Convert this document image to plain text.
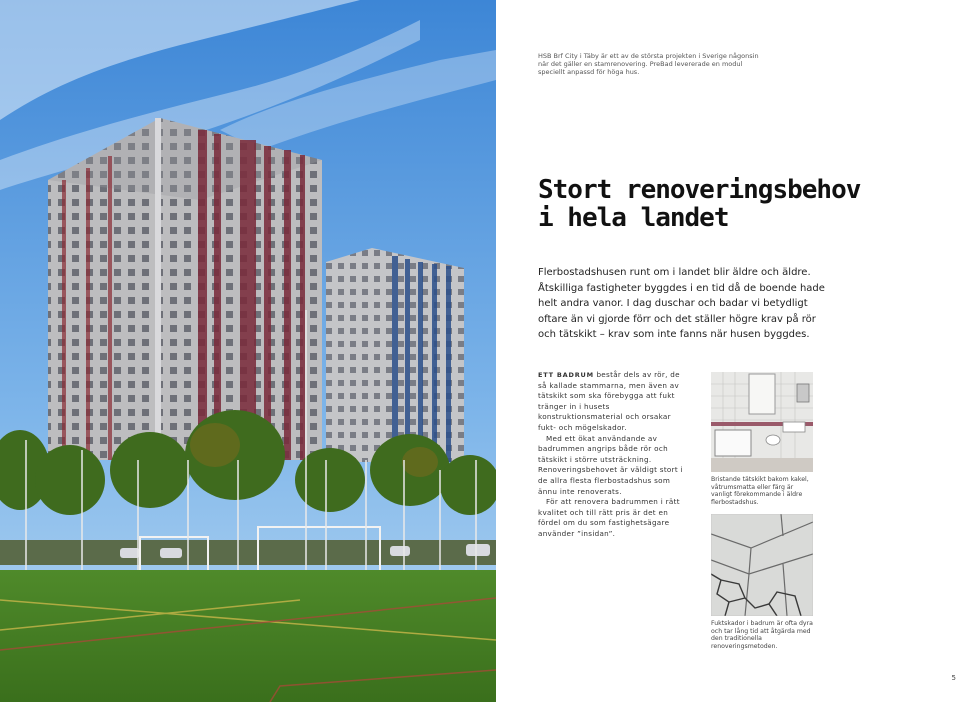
HSB Brf City i Täby är ett av de största projekten i Sverige någonsin när det gäller en stamrenovering. PreBad levererade en modul speciellt anpassd för höga hus.
Stort renoveringsbehov
i hela landet
Flerbostadshusen runt om i landet blir äldre och äldre. Åtskilliga fastigheter byggdes i en tid då de boende hade helt andra vanor. I dag duschar och badar vi betydligt oftare än vi gjorde förr och det ställer högre krav på rör och tätskikt – krav som inte fanns när husen byggdes.

ETT BADRUM består dels av rör, de så kallade stammarna, men även av tätskikt som ska förebygga att fukt tränger in i husets konstruktionsmaterial och orsakar fukt- och mögelskador.

Med ett ökat användande av badrummen angrips både rör och tätskikt i större utsträckning. Renoveringsbehovet är väldigt stort i de allra flesta flerbostadshus som ännu inte renoverats.

För att renovera badrummen i rätt kvalitet och till rätt pris är det en fördel om du som fastighetsägare använder ”insidan”.

Bristande tätskikt bakom kakel, våtrumsmatta eller färg är vanligt förekommande i äldre flerbostadshus.
Fuktskador i badrum är ofta dyra och tar lång tid att åtgärda med den traditionella renoveringsmetoden.
5
